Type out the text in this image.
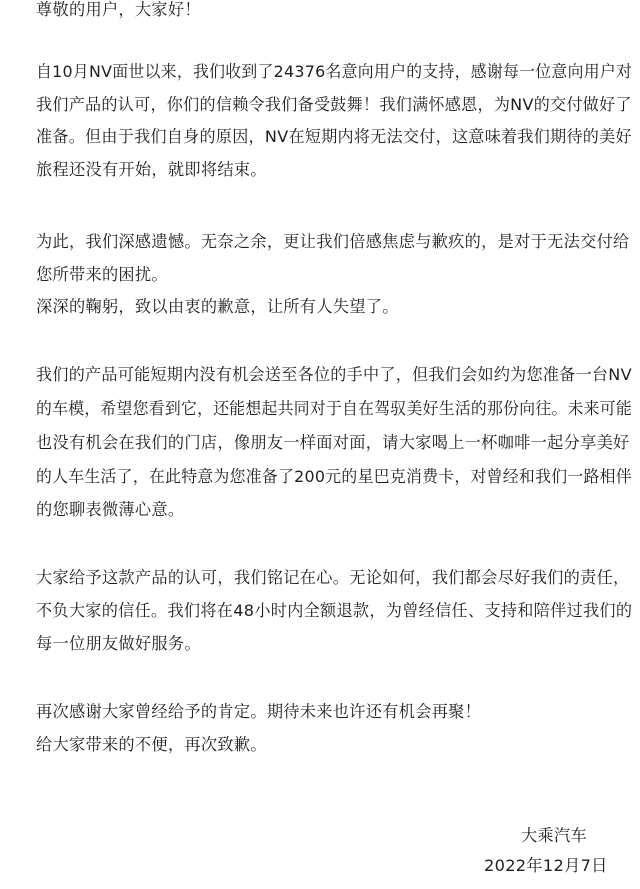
尊敬的用户，大家好！
自10月NV面世以来，我们收到了24376名意向用户的支持，感谢每一位意向用户对
我们产品的认可，你们的信赖令我们备受鼓舞！我们满怀感恩，为NV的交付做好了
准备。但由于我们自身的原因，NV在短期内将无法交付，这意味着我们期待的美好
旅程还没有开始，就即将结束。
为此，我们深感遗憾。无奈之余，更让我们倍感焦虑与歉疚的，是对于无法交付给
您所带来的困扰。
深深的鞠躬，致以由衷的歉意，让所有人失望了。
我们的产品可能短期内没有机会送至各位的手中了，但我们会如约为您准备一台NV
的车模，希望您看到它，还能想起共同对于自在驾驭美好生活的那份向往。未来可能
也没有机会在我们的门店，像朋友一样面对面，请大家喝上一杯咖啡一起分享美好
的人车生活了，在此特意为您准备了200元的星巴克消费卡，对曾经和我们一路相伴
的您聊表微薄心意。
大家给予这款产品的认可，我们铭记在心。无论如何，我们都会尽好我们的责任，
不负大家的信任。我们将在48小时内全额退款，为曾经信任、支持和陪伴过我们的
每一位朋友做好服务。
再次感谢大家曾经给予的肯定。期待未来也许还有机会再聚！
给大家带来的不便，再次致歉。
大乘汽车
2022年12月7日
